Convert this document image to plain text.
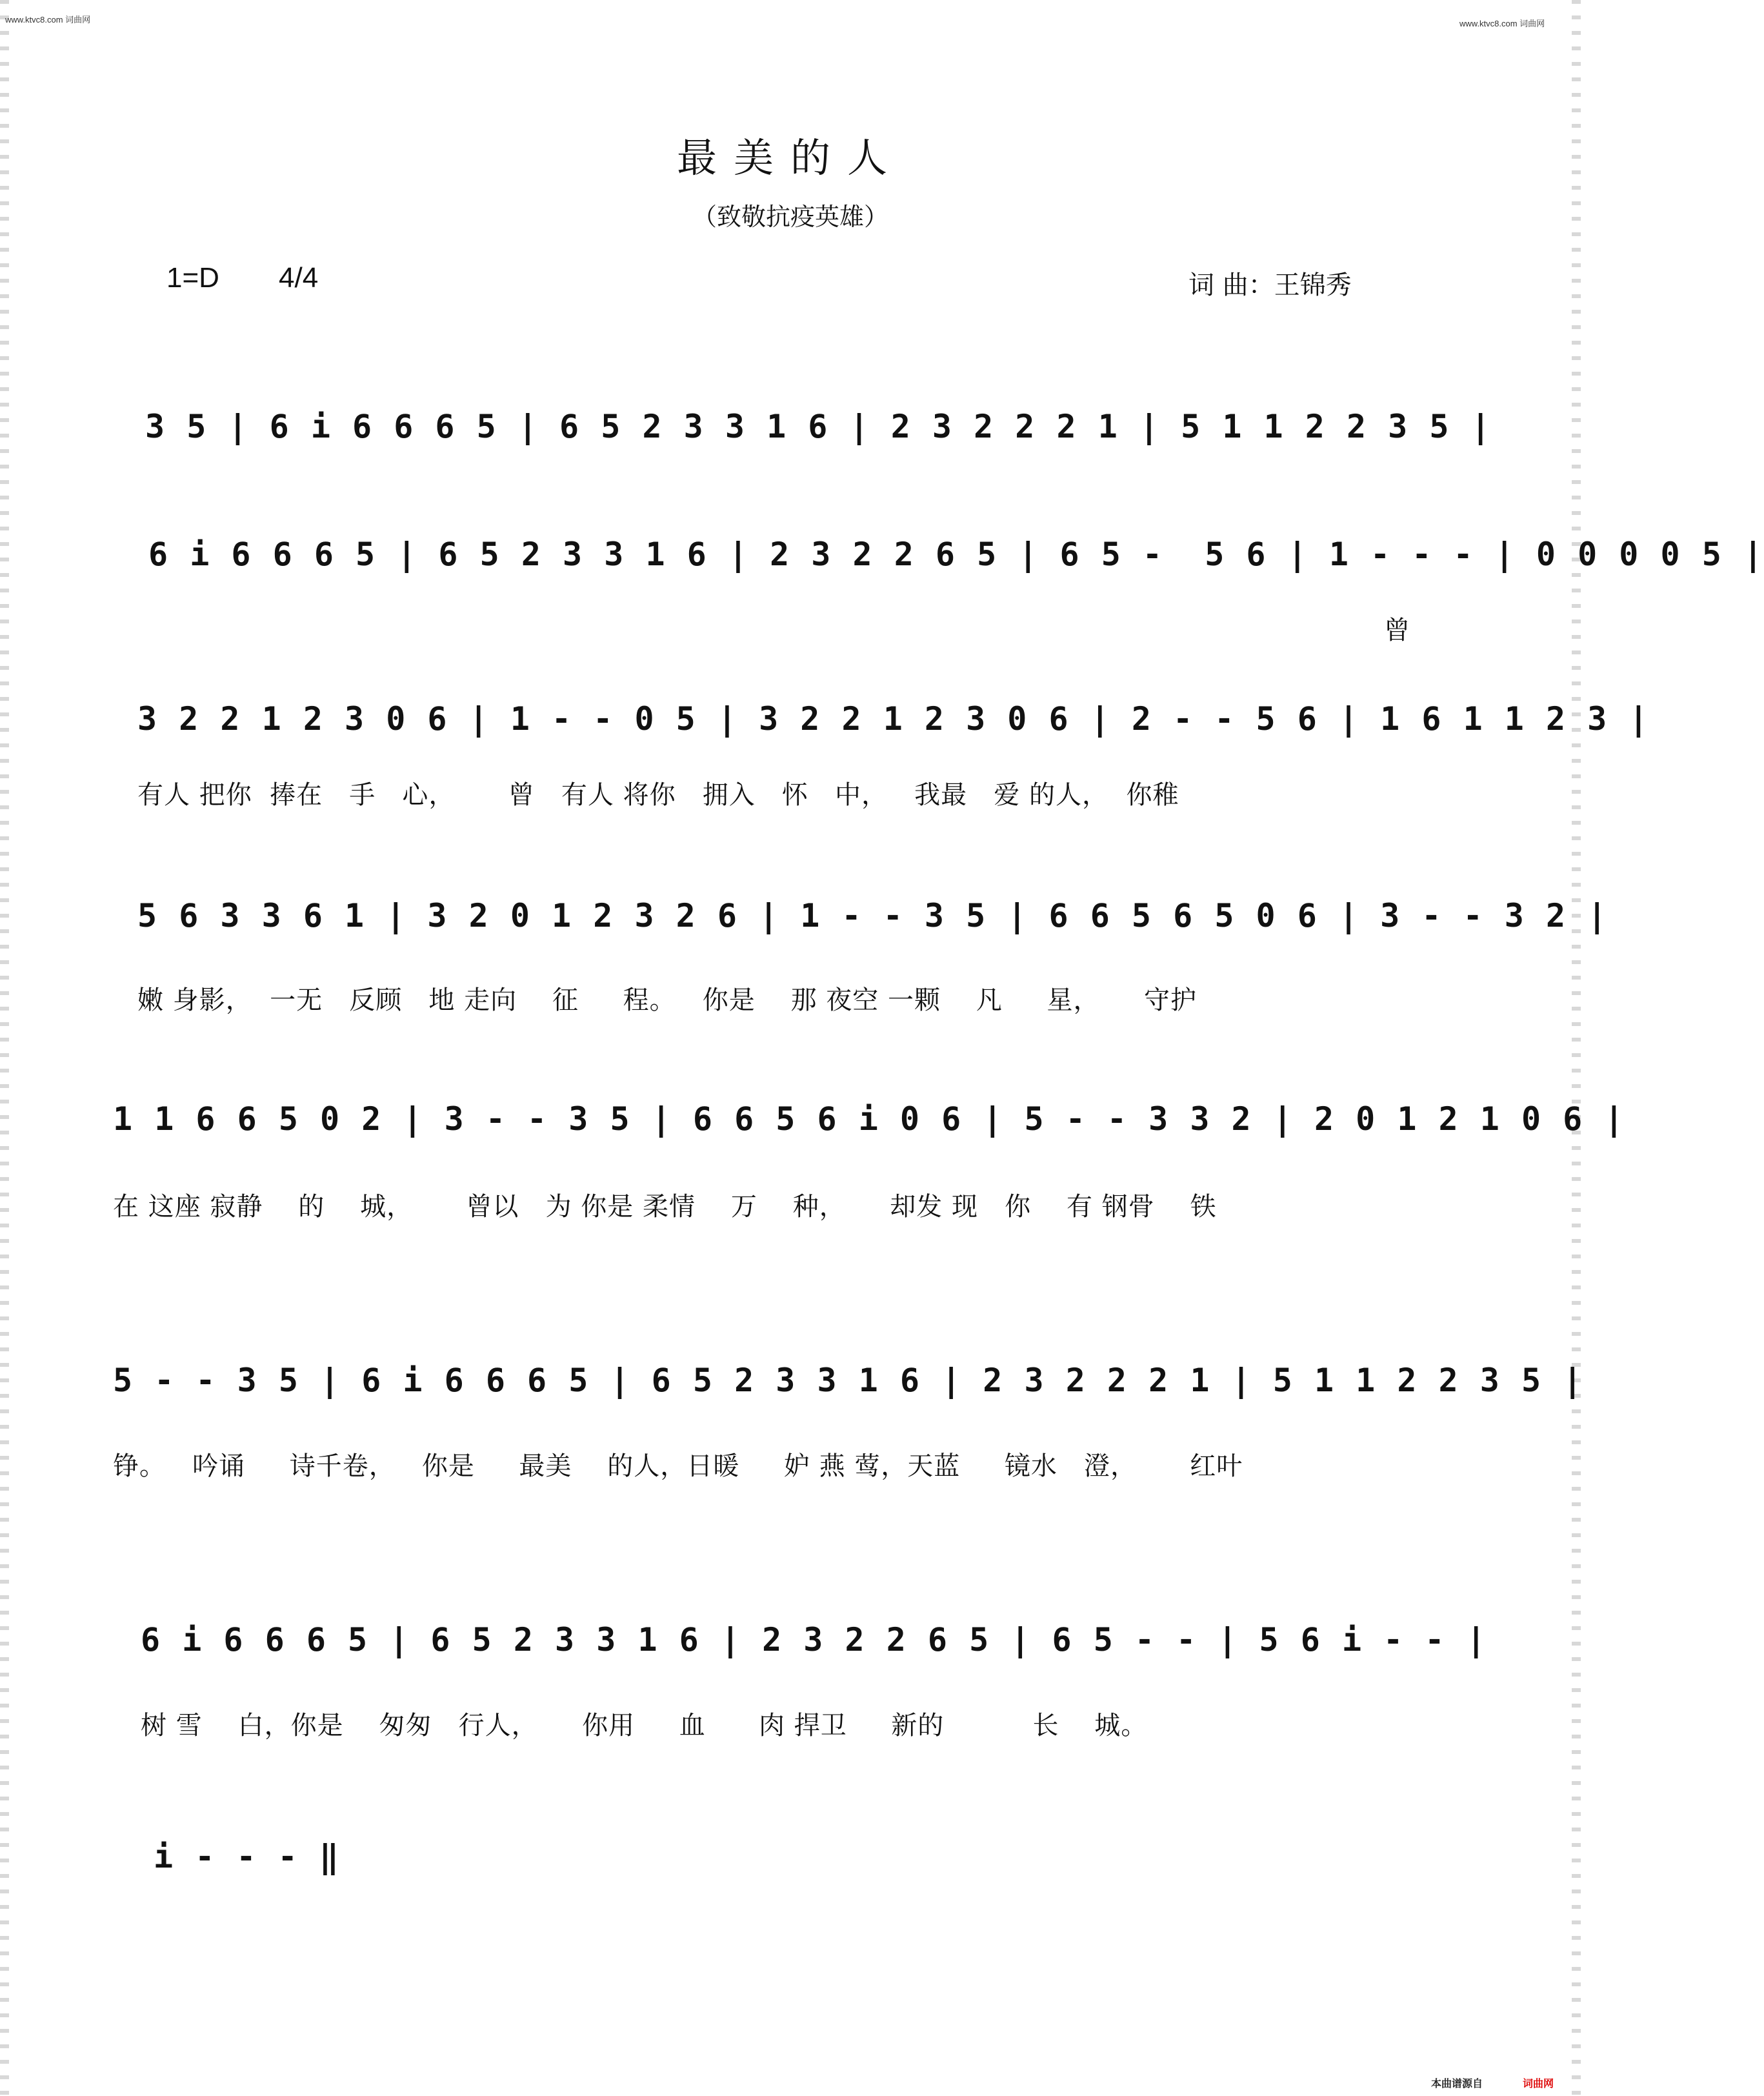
www.ktvc8.com 词曲网	www.ktvc8.com 词曲网
最美的人
（致敬抗疫英雄）
1=D 4/4	词 曲：王锦秀
3 5 | 6 i 6 6 6 5 | 6 5 2 3 3 1 6 | 2 3 2 2 2 1 | 5 1 1 2 2 3 5 |
6 i 6 6 6 5 | 6 5 2 3 3 1 6 | 2 3 2 2 6 5 | 6 5 -  5 6 | 1 - - - | 0 0 0 0 5 |
曾
3 2 2 1 2 3 0 6 | 1 - - 0 5 | 3 2 2 1 2 3 0 6 | 2 - - 5 6 | 1 6 1 1 2 3 |
有人 把你  捧在   手   心，      曾   有人 将你   拥入   怀   中，   我最   爱 的人，  你稚
5 6 3 3 6 1 | 3 2 0 1 2 3 2 6 | 1 - - 3 5 | 6 6 5 6 5 0 6 | 3 - - 3 2 |
嫩 身影，  一无   反顾   地 走向    征     程。   你是    那 夜空 一颗    凡     星，     守护
1 1 6 6 5 0 2 | 3 - - 3 5 | 6 6 5 6 i 0 6 | 5 - - 3 3 2 | 2 0 1 2 1 0 6 |
在 这座 寂静    的    城，      曾以   为 你是 柔情    万    种，     却发 现   你    有 钢骨    铁
5 - - 3 5 | 6 i 6 6 6 5 | 6 5 2 3 3 1 6 | 2 3 2 2 2 1 | 5 1 1 2 2 3 5 |
铮。   吟诵     诗千卷，   你是     最美    的人，日暖     妒 燕 莺，天蓝     镜水   澄，      红叶
6 i 6 6 6 5 | 6 5 2 3 3 1 6 | 2 3 2 2 6 5 | 6 5 - - | 5 6 i - - |
树 雪    白，你是    匆匆   行人，     你用     血      肉 捍卫     新的          长    城。
i - - - ‖
本曲谱源自	词曲网
